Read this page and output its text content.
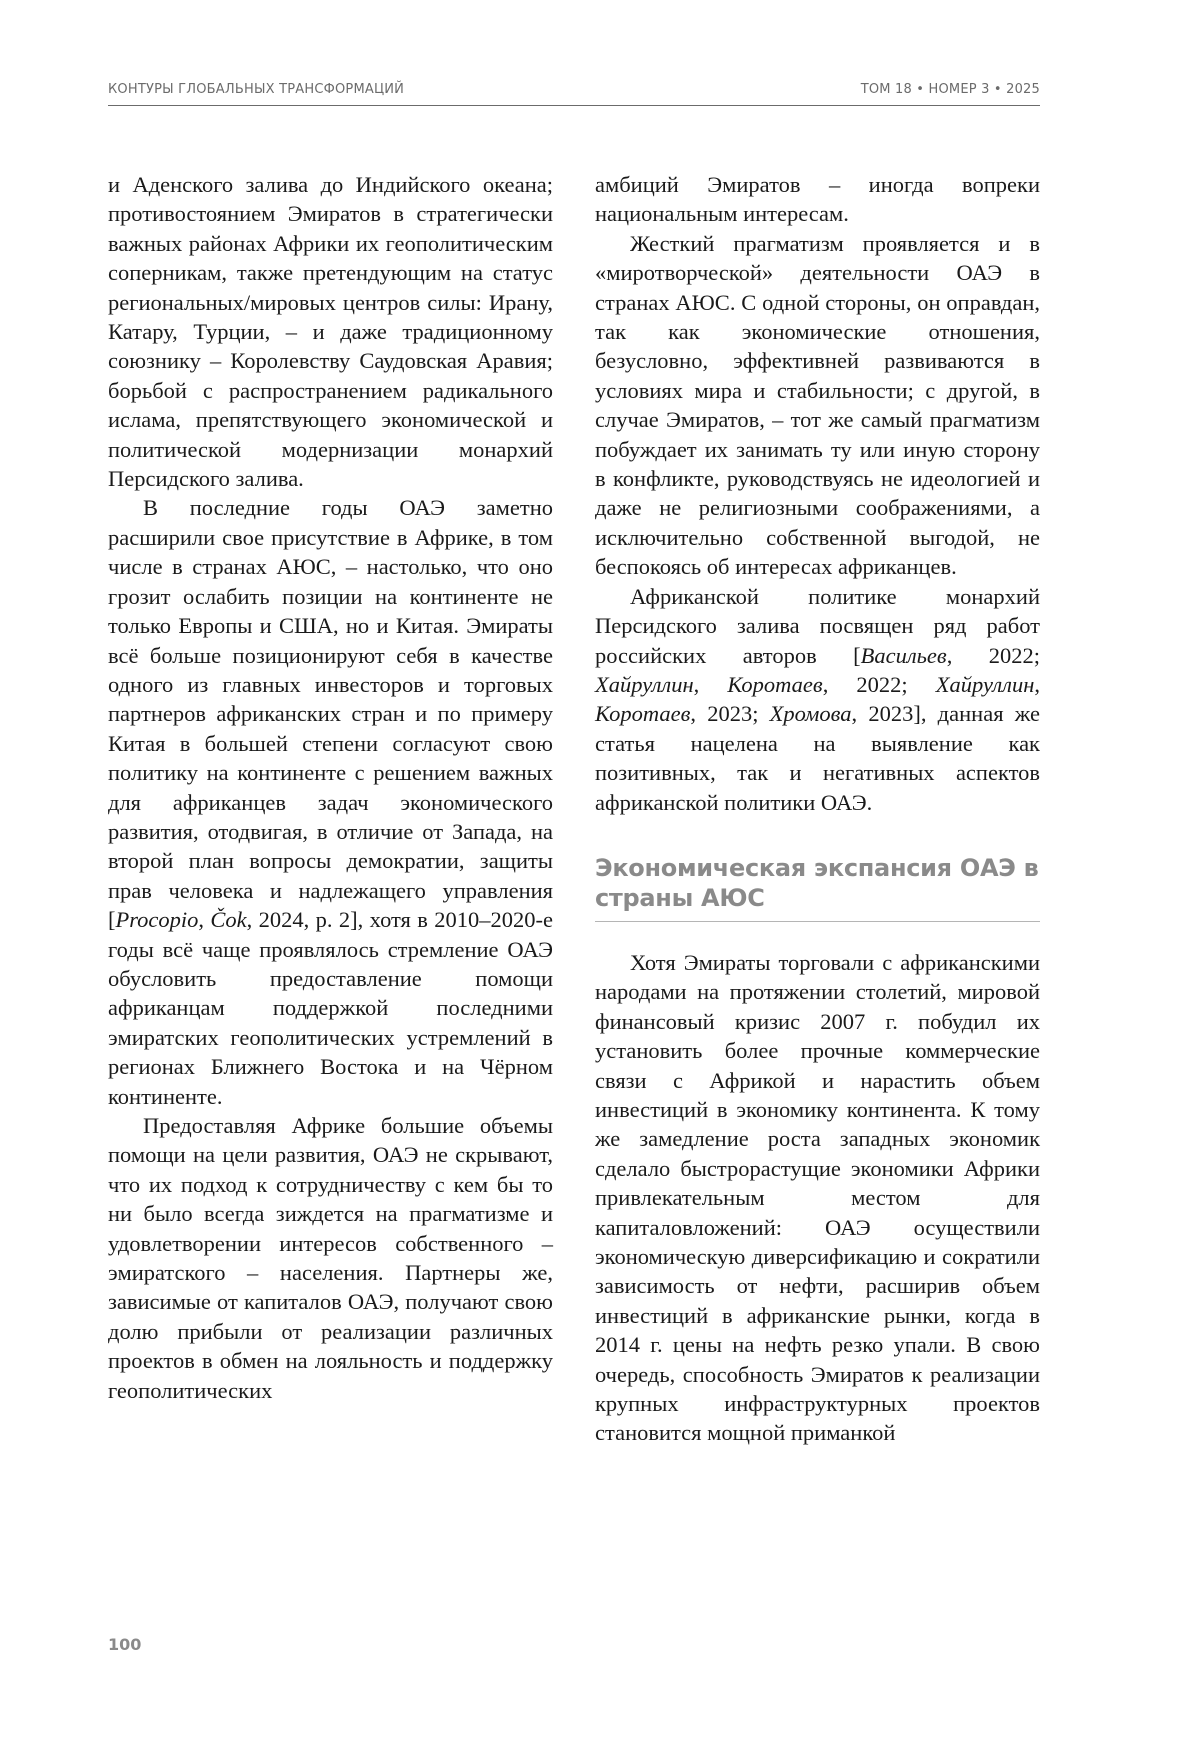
КОНТУРЫ ГЛОБАЛЬНЫХ ТРАНСФОРМАЦИЙ	ТОМ 18 • НОМЕР 3 • 2025

и Аденского залива до Индийского океана; противостоянием Эмиратов в стратегически важных районах Африки их геополитическим соперникам, также претендующим на статус региональных/мировых центров силы: Ирану, Катару, Турции, – и даже традиционному союзнику – Королевству Саудовская Аравия; борьбой с распространением радикального ислама, препятствующего экономической и политической модернизации монархий Персидского залива.

В последние годы ОАЭ заметно расширили свое присутствие в Африке, в том числе в странах АЮС, – настолько, что оно грозит ослабить позиции на континенте не только Европы и США, но и Китая. Эмираты всё больше позиционируют себя в качестве одного из главных инвесторов и торговых партнеров африканских стран и по примеру Китая в большей степени согласуют свою политику на континенте с решением важных для африканцев задач экономического развития, отодвигая, в отличие от Запада, на второй план вопросы демократии, защиты прав человека и надлежащего управления [Procopio, Čok, 2024, p. 2], хотя в 2010–2020-е годы всё чаще проявлялось стремление ОАЭ обусловить предоставление помощи африканцам поддержкой последними эмиратских геополитических устремлений в регионах Ближнего Востока и на Чёрном континенте.

Предоставляя Африке большие объемы помощи на цели развития, ОАЭ не скрывают, что их подход к сотрудничеству с кем бы то ни было всегда зиждется на прагматизме и удовлетворении интересов собственного – эмиратского – населения. Партнеры же, зависимые от капиталов ОАЭ, получают свою долю прибыли от реализации различных проектов в обмен на лояльность и поддержку геополитических

амбиций Эмиратов – иногда вопреки национальным интересам.

Жесткий прагматизм проявляется и в «миротворческой» деятельности ОАЭ в странах АЮС. С одной стороны, он оправдан, так как экономические отношения, безусловно, эффективней развиваются в условиях мира и стабильности; с другой, в случае Эмиратов, – тот же самый прагматизм побуждает их занимать ту или иную сторону в конфликте, руководствуясь не идеологией и даже не религиозными соображениями, а исключительно собственной выгодой, не беспокоясь об интересах африканцев.

Африканской политике монархий Персидского залива посвящен ряд работ российских авторов [Васильев, 2022; Хайруллин, Коротаев, 2022; Хайруллин, Коротаев, 2023; Хромова, 2023], данная же статья нацелена на выявление как позитивных, так и негативных аспектов африканской политики ОАЭ.

Экономическая экспансия ОАЭ в страны АЮС

Хотя Эмираты торговали с африканскими народами на протяжении столетий, мировой финансовый кризис 2007 г. побудил их установить более прочные коммерческие связи с Африкой и нарастить объем инвестиций в экономику континента. К тому же замедление роста западных экономик сделало быстрорастущие экономики Африки привлекательным местом для капиталовложений: ОАЭ осуществили экономическую диверсификацию и сократили зависимость от нефти, расширив объем инвестиций в африканские рынки, когда в 2014 г. цены на нефть резко упали. В свою очередь, способность Эмиратов к реализации крупных инфраструктурных проектов становится мощной приманкой

100
